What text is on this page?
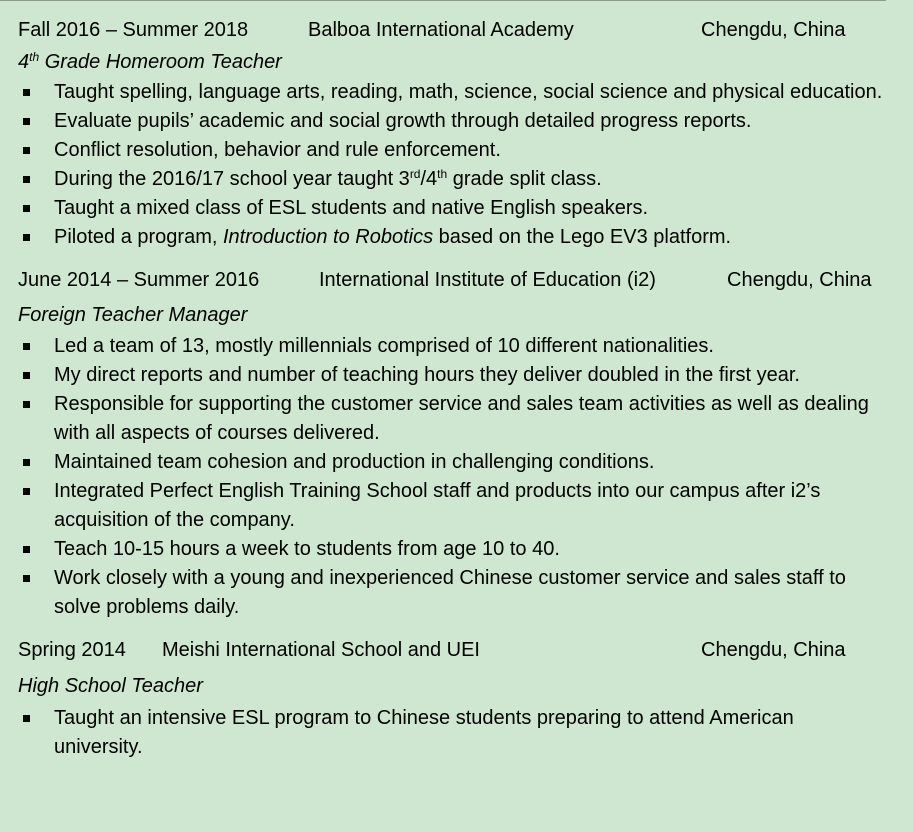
Fall 2016 – Summer 2018	Balboa International Academy	Chengdu, China
4th Grade Homeroom Teacher
Taught spelling, language arts, reading, math, science, social science and physical education.
Evaluate pupils’ academic and social growth through detailed progress reports.
Conflict resolution, behavior and rule enforcement.
During the 2016/17 school year taught 3rd/4th grade split class.
Taught a mixed class of ESL students and native English speakers.
Piloted a program, Introduction to Robotics based on the Lego EV3 platform.
June 2014 – Summer 2016	International Institute of Education (i2)	Chengdu, China
Foreign Teacher Manager
Led a team of 13, mostly millennials comprised of 10 different nationalities.
My direct reports and number of teaching hours they deliver doubled in the first year.
Responsible for supporting the customer service and sales team activities as well as dealing with all aspects of courses delivered.
Maintained team cohesion and production in challenging conditions.
Integrated Perfect English Training School staff and products into our campus after i2’s acquisition of the company.
Teach 10-15 hours a week to students from age 10 to 40.
Work closely with a young and inexperienced Chinese customer service and sales staff to solve problems daily.
Spring 2014 Meishi International School and UEI	Chengdu, China
High School Teacher
Taught an intensive ESL program to Chinese students preparing to attend American university.
